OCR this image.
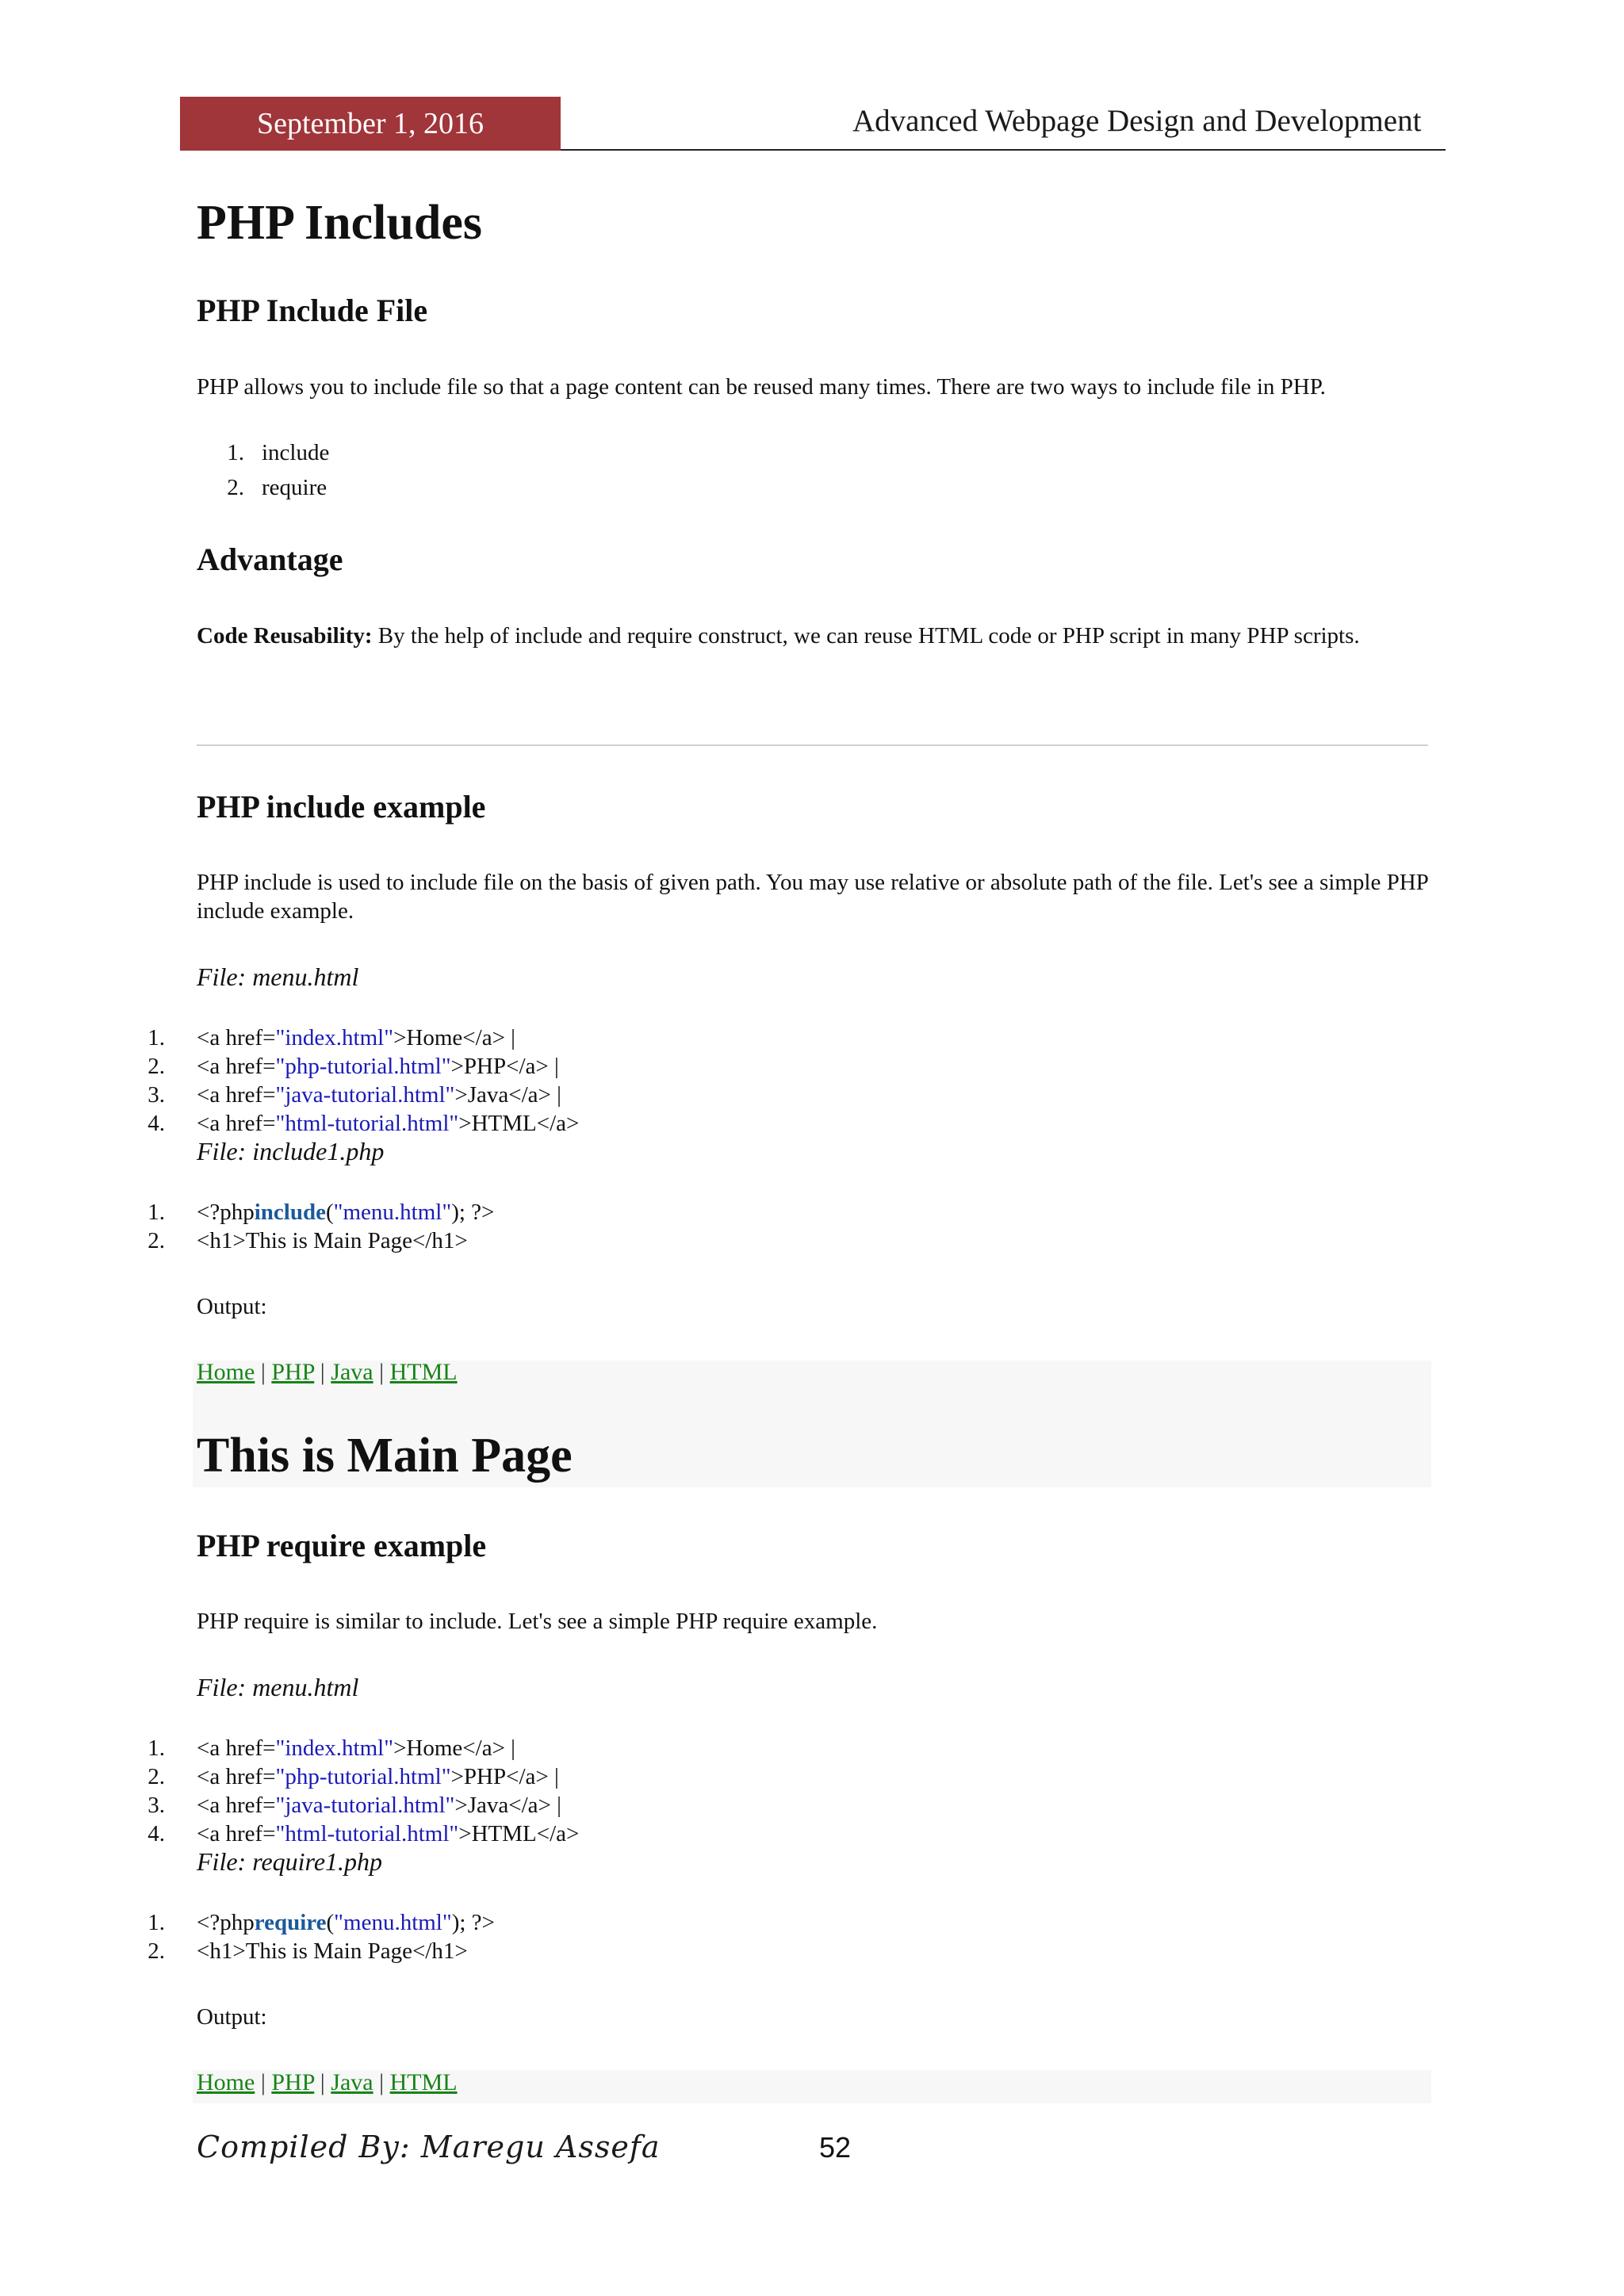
September 1, 2016	Advanced Webpage Design and Development
PHP Includes
PHP Include File
PHP allows you to include file so that a page content can be reused many times. There are two ways to include file in PHP.
1. include
2. require
Advantage
Code Reusability: By the help of include and require construct, we can reuse HTML code or PHP script in many PHP scripts.
PHP include example
PHP include is used to include file on the basis of given path. You may use relative or absolute path of the file. Let's see a simple PHP include example.
File: menu.html
1. <a href= "index.html" >Home</a> |
2. <a href= "php-tutorial.html" >PHP</a> |
3. <a href= "java-tutorial.html" >Java</a> |
4. <a href= "html-tutorial.html" >HTML</a>
File: include1.php
1. <?php include ( "menu.html" ); ?>
2. <h1>This is Main Page</h1>
Output:
Home | PHP | Java | HTML
This is Main Page
PHP require example
PHP require is similar to include. Let's see a simple PHP require example.
File: menu.html
1. <a href= "index.html" >Home</a> |
2. <a href= "php-tutorial.html" >PHP</a> |
3. <a href= "java-tutorial.html" >Java</a> |
4. <a href= "html-tutorial.html" >HTML</a>
File: require1.php
1. <?php require ( "menu.html" ); ?>
2. <h1>This is Main Page</h1>
Output:
Home | PHP | Java | HTML
Compiled By: Maregu Assefa	52
